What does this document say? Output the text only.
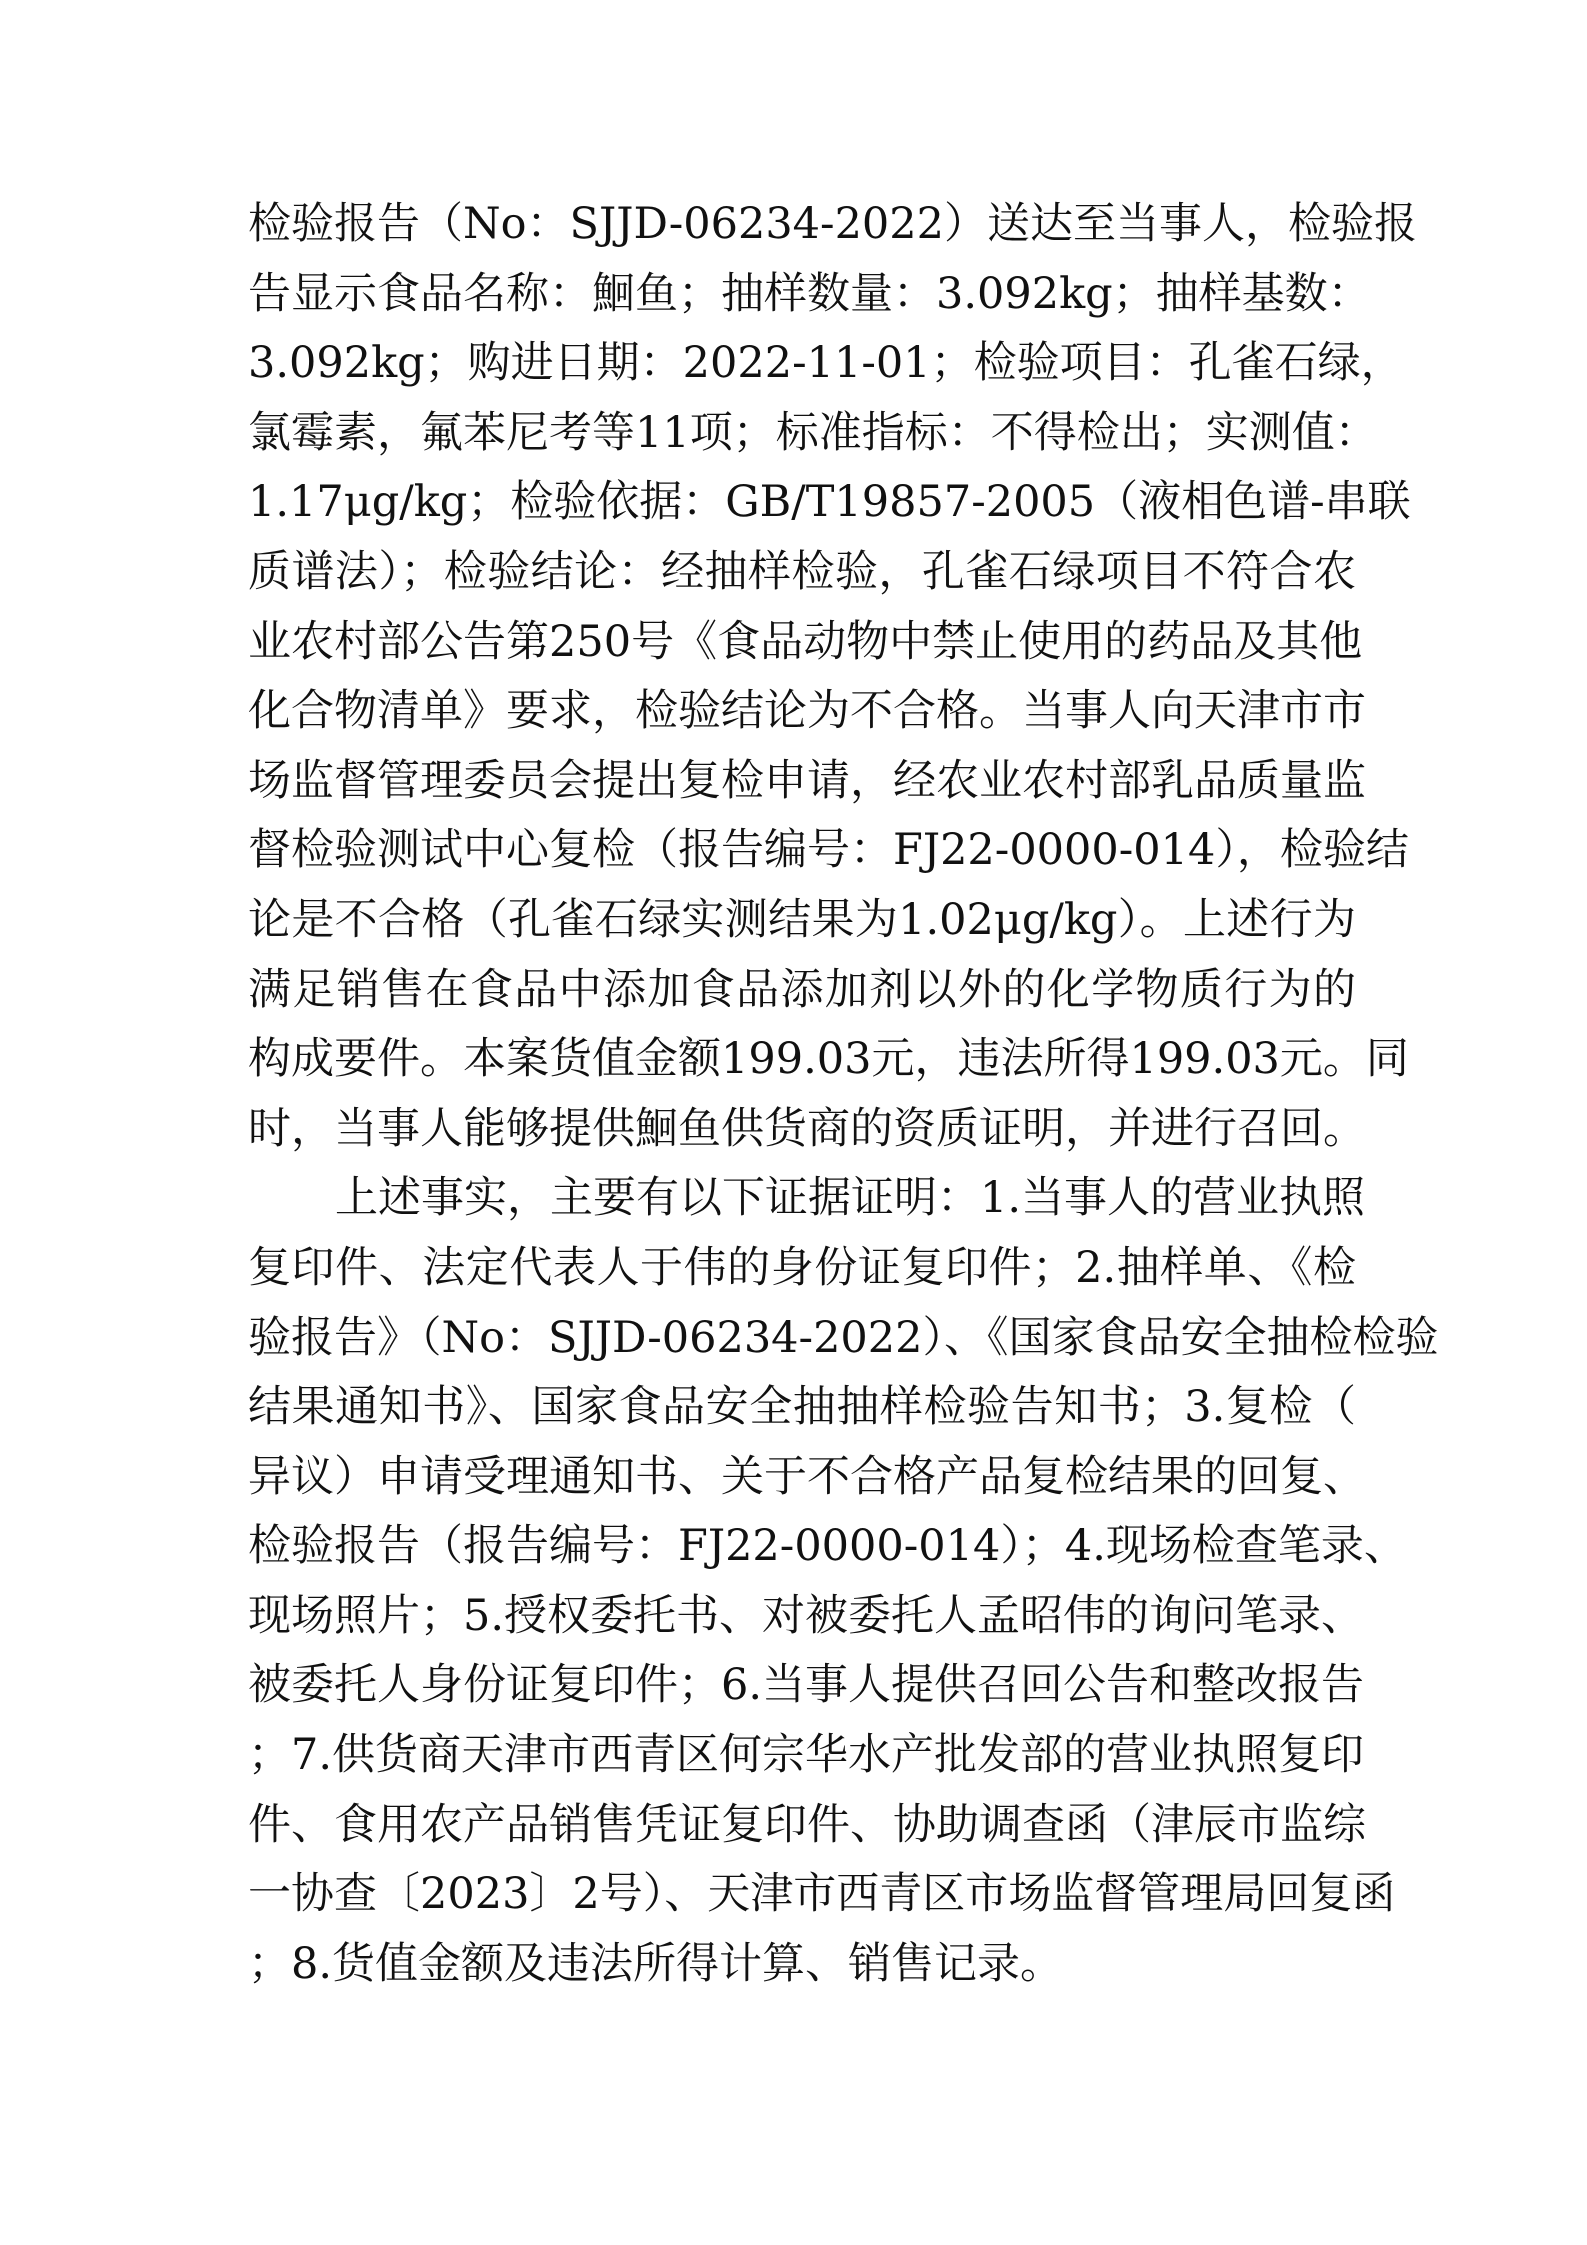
检验报告（No：SJJD-06234-2022）送达至当事人，检验报
告显示食品名称：鮰鱼；抽样数量：3.092kg；抽样基数：
3.092kg；购进日期：2022-11-01；检验项目：孔雀石绿，
氯霉素，氟苯尼考等11项；标准指标：不得检出；实测值：
1.17μg/kg；检验依据：GB/T19857-2005（液相色谱-串联
质谱法）；检验结论：经抽样检验，孔雀石绿项目不符合农
业农村部公告第250号《食品动物中禁止使用的药品及其他
化合物清单》要求，检验结论为不合格。当事人向天津市市
场监督管理委员会提出复检申请，经农业农村部乳品质量监
督检验测试中心复检（报告编号：FJ22-0000-014），检验结
论是不合格（孔雀石绿实测结果为1.02μg/kg）。上述行为
满足销售在食品中添加食品添加剂以外的化学物质行为的
构成要件。本案货值金额199.03元，违法所得199.03元。同
时，当事人能够提供鮰鱼供货商的资质证明，并进行召回。
上述事实，主要有以下证据证明：1.当事人的营业执照
复印件、法定代表人于伟的身份证复印件；2.抽样单、《检
验报告》（No：SJJD-06234-2022）、《国家食品安全抽检检验
结果通知书》、国家食品安全抽抽样检验告知书；3.复检（
异议）申请受理通知书、关于不合格产品复检结果的回复、
检验报告（报告编号：FJ22-0000-014）；4.现场检查笔录、
现场照片；5.授权委托书、对被委托人孟昭伟的询问笔录、
被委托人身份证复印件；6.当事人提供召回公告和整改报告
；7.供货商天津市西青区何宗华水产批发部的营业执照复印
件、食用农产品销售凭证复印件、协助调查函（津辰市监综
一协查〔2023〕2号）、天津市西青区市场监督管理局回复函
；8.货值金额及违法所得计算、销售记录。
